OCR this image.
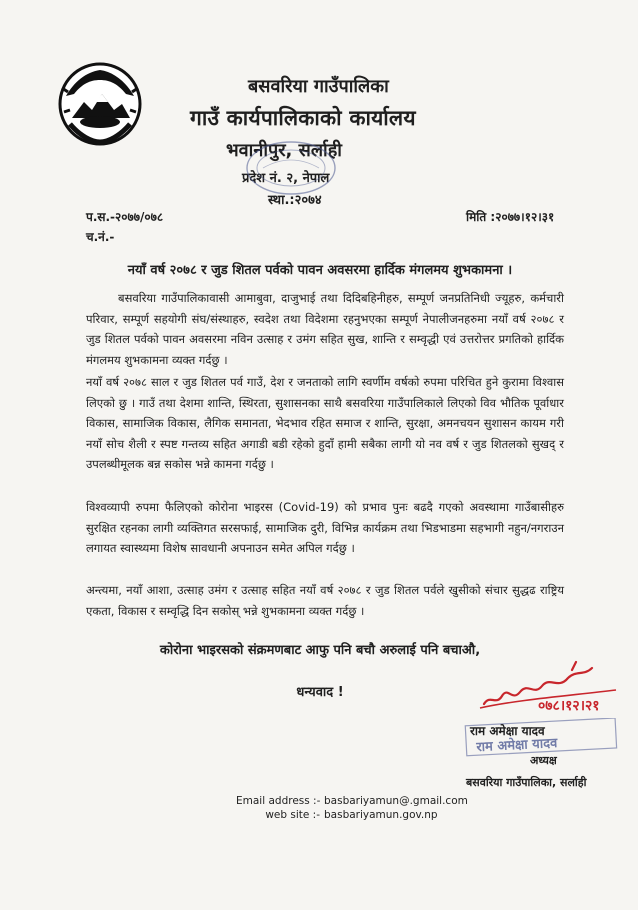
बसवरिया गाउँपालिका
गाउँ कार्यपालिकाको कार्यालय
भवानीपुर, सर्लाही
प्रदेश नं. २, नेपाल
स्था.:२०७४
प.स.-२०७७/०७८
च.नं.-
मिति :२०७७।१२।३१
नयाँ वर्ष २०७८ र जुड शितल पर्वको पावन अवसरमा हार्दिक मंगलमय शुभकामना ।
बसवरिया गाउँपालिकावासी आमाबुवा, दाजुभाई तथा दिदिबहिनीहरु, सम्पूर्ण जनप्रतिनिधी ज्यूहरु, कर्मचारी परिवार, सम्पूर्ण सहयोगी संघ/संस्थाहरु, स्वदेश तथा विदेशमा रहनुभएका सम्पूर्ण नेपालीजनहरुमा नयाँ वर्ष २०७८ र जुड शितल पर्वको पावन अवसरमा नविन उत्साह र उमंग सहित सुख, शान्ति र सम्वृद्धी एवं उत्तरोत्तर प्रगतिको हार्दिक मंगलमय शुभकामना व्यक्त गर्दछु ।
नयाँ वर्ष २०७८ साल र जुड शितल पर्व गाउँ, देश र जनताको लागि स्वर्णीम वर्षको रुपमा परिचित हुने कुरामा विश्वास लिएको छु । गाउँ तथा देशमा शान्ति, स्थिरता, सुशासनका साथै बसवरिया गाउँपालिकाले लिएको विव भौतिक पूर्वाधार विकास, सामाजिक विकास, लैगिक समानता, भेदभाव रहित समाज र शान्ति, सुरक्षा, अमनचयन सुशासन कायम गरी नयाँ सोच शैली र स्पष्ट गन्तव्य सहित अगाडी बडी रहेको हुदाँ हामी सबैका लागी यो नव वर्ष र जुड शितलको सुखद् र उपलब्धीमूलक बन्न सकोस भन्ने कामना गर्दछु ।
विश्वव्यापी रुपमा फैलिएको कोरोना भाइरस (Covid-19) को प्रभाव पुनः बढदै गएको अवस्थामा गाउँबासीहरु सुरक्षित रहनका लागी व्यक्तिगत सरसफाई, सामाजिक दुरी, विभिन्न कार्यक्रम तथा भिडभाडमा सहभागी नहुन/नगराउन लगायत स्वास्थ्यमा विशेष सावधानी अपनाउन समेत अपिल गर्दछु ।
अन्त्यमा, नयाँ आशा, उत्साह उमंग र उत्साह सहित नयाँ वर्ष २०७८ र जुड शितल पर्वले खुसीको संचार सुद्धढ राष्ट्रिय एकता, विकास र सम्वृद्धि दिन सकोस् भन्ने शुभकामना व्यक्त गर्दछु ।
कोरोना भाइरसको संक्रमणबाट आफु पनि बचौ अरुलाई पनि बचाऔ,
धन्यवाद !
०७८।१२।२१
राम अमेक्षा यादव
राम अमेक्षा यादव
अध्यक्ष
बसवरिया गाउँपालिका, सर्लाही
Email address :- basbariyamun@.gmail.com
web site :- basbariyamun.gov.np
